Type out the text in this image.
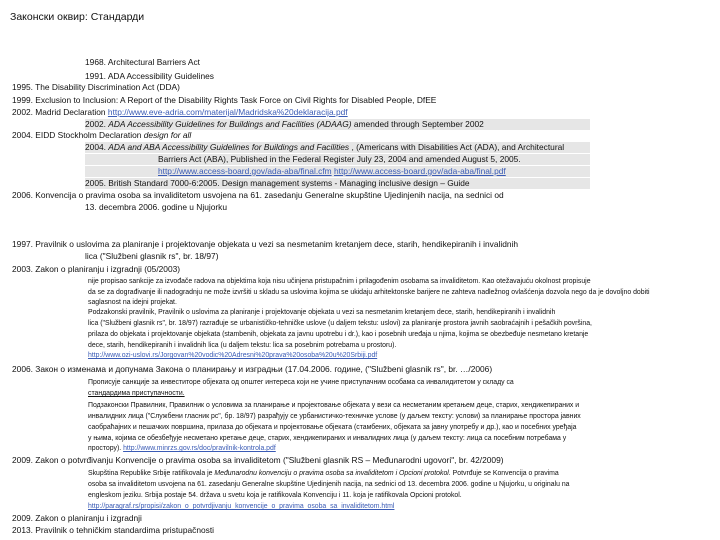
Законски оквир: Стандарди
1968. Architectural Barriers Act
1991. ADA Accessibility Guidelines
1995. The Disability Discrimination Act (DDA)
1999. Exclusion to Inclusion: A Report of the Disability Rights Task Force on Civil Rights for Disabled People, DfEE
2002. Madrid Declaration http://www.eve-adria.com/materijal/Madridska%20deklaracija.pdf
2002. ADA Accessibility Guidelines for Buildings and Facilities (ADAAG) amended through September 2002
2004. EIDD Stockholm Declaration design for all
2004. ADA and ABA Accessibility Guidelines for Buildings and Facilities , (Americans with Disabilities Act (ADA), and Architectural
Barriers Act (ABA), Published in the Federal Register July 23, 2004 and amended August 5, 2005.
http://www.access-board.gov/ada-aba/final.cfm http://www.access-board.gov/ada-aba/final.pdf
2005. British Standard 7000-6:2005. Design management systems - Managing inclusive design – Guide
2006. Konvencija o pravima osoba sa invaliditetom usvojena na 61. zasedanju Generalne skupštine Ujedinjenih nacija, na sednici od
13. decembra 2006. godine u Njujorku
1997. Pravilnik o uslovima za planiranje i projektovanje objekata u vezi sa nesmetanim kretanjem dece, starih, hendikepiranih i invalidnih
lica ("Službeni glasnik rs", br. 18/97)
2003. Zakon o planiranju i izgradnji (05/2003)
nije propisao sankcije za izvođače radova na objektima koja nisu učinjena pristupačnim i prilagođenim osobama sa invaliditetom. Kao otežavajuću okolnost propisuje
da se za dograđivanje ili nadogradnju ne može izvršiti u skladu sa uslovima kojima se ukidaju arhitektonske barijere ne zahteva nadležnog ovlašćenja dozvola nego da je dovoljno dobiti
saglasnost na idejni projekat.
Podzakonski pravilnik, Pravilnik o uslovima za planiranje i projektovanje objekata u vezi sa nesmetanim kretanjem dece, starih, hendikepiranih i invalidnih
lica ("Službeni glasnik rs", br. 18/97) razrađuje se urbanističko-tehničke uslove (u daljem tekstu: uslovi) za planiranje prostora javnih saobraćajnih i pešačkih površina,
prilaza do objekata i projektovanje objekata (stambenih, objekata za javnu upotrebu i dr.), kao i posebnih uređaja u njima, kojima se obezbeđuje nesmetano kretanje
dece, starih, hendikepiranih i invalidnih lica (u daljem tekstu: lica sa posebnim potrebama u prostoru).
http://www.ozi-uslovi.rs/Jorgovan%20vodic%20Adresni%20prava%20osoba%20u%20Srbiji.pdf
2006. Закон о изменама и допунама Закона о планирању и изградњи (17.04.2006. године, ("Službeni glasnik rs", br. …/2006)
Прописује санкције за инвеститоре објеката од општег интереса који не учине приступачним особама са инвалидитетом у складу са
стандардима приступачности.
Подзаконски Правилник, Правилник о условима за планирање и пројектовање објеката у вези са несметаним кретањем деце, старих, хендикепираних и
инвалидних лица ("Службени гласник рс", бр. 18/97) разрађују се урбанистичко-техничке услове (у даљем тексту: услови) за планирање простора јавних
саобраћајних и пешачких површина, прилаза до објеката и пројектовање објеката (стамбених, објеката за јавну употребу и др.), као и посебних уређаја
у њима, којима се обезбеђује несметано кретање деце, старих, хендикепираних и инвалидних лица (у даљем тексту: лица са посебним потребама у
простору). http://www.minrzs.gov.rs/doc/pravilnik-kontrola.pdf
2009. Zakon o potvrđivanju Konvencije o pravima osoba sa invaliditetom ("Službeni glasnik RS – Međunarodni ugovori", br. 42/2009)
Skupština Republike Srbije ratifikovala je Međunarodnu konvenciju o pravima osoba sa invaliditetom i Opcioni protokol. Potvrđuje se Konvencija o pravima
osoba sa invaliditetom usvojena na 61. zasedanju Generalne skupštine Ujedinjenih nacija, na sednici od 13. decembra 2006. godine u Njujorku, u originalu na
engleskom jeziku. Srbija postaje 54. država u svetu koja je ratifikovala Konvenciju i 11. koja je ratifikovala Opcioni protokol.
http://paragraf.rs/propisi/zakon_o_potvrdjivanju_konvencije_o_pravima_osoba_sa_invaliditetom.html
2009. Zakon o planiranju i izgradnji
2013. Pravilnik o tehničkim standardima pristupačnosti
